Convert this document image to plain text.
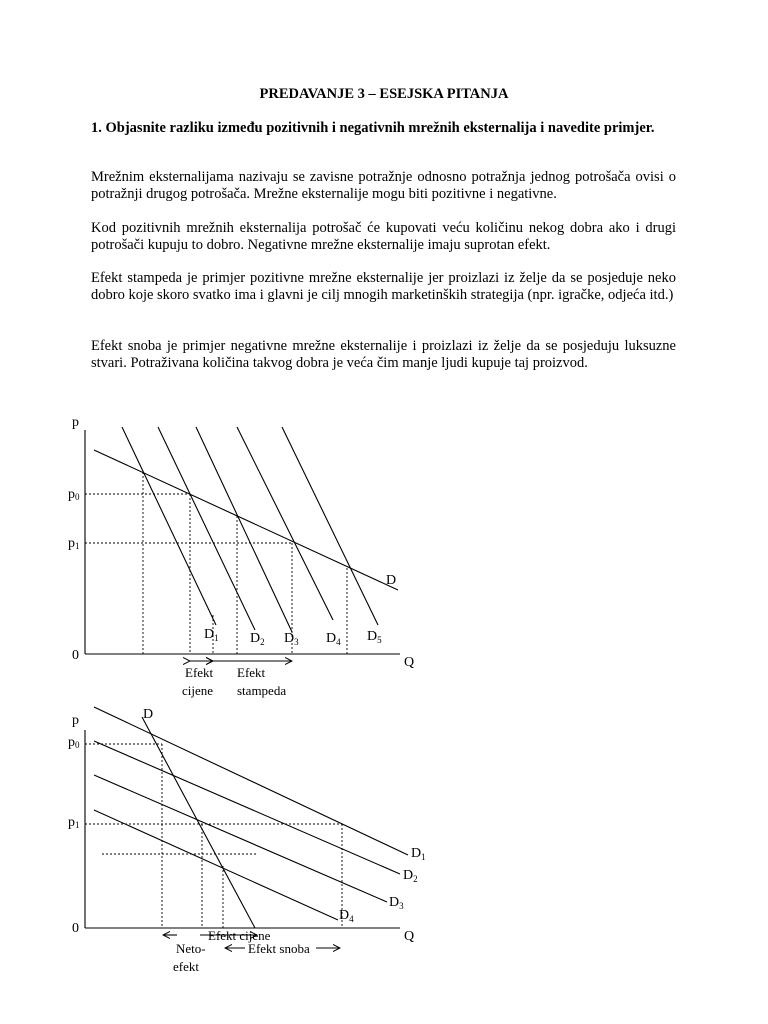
PREDAVANJE 3 – ESEJSKA PITANJA
1. Objasnite razliku između pozitivnih i negativnih mrežnih eksternalija i navedite primjer.
Mrežnim eksternalijama nazivaju se zavisne potražnje odnosno potražnja jednog potrošača ovisi o potražnji drugog potrošača. Mrežne eksternalije mogu biti pozitivne i negativne.
Kod pozitivnih mrežnih eksternalija potrošač će kupovati veću količinu nekog dobra ako i drugi potrošači kupuju to dobro. Negativne mrežne eksternalije imaju suprotan efekt.
Efekt stampeda je primjer pozitivne mrežne eksternalije jer proizlazi iz želje da se posjeduje neko dobro koje skoro svatko ima i glavni je cilj mnogih marketinških strategija (npr. igračke, odjeća itd.)
Efekt snoba je primjer negativne mrežne eksternalije i proizlazi iz želje da se posjeduju luksuzne stvari. Potraživana količina takvog dobra je veća čim manje ljudi kupuje taj proizvod.
p
Q
0
p0
p1
D
$D_1$ $D_2$ $D_3$ $D_4$ $D_5$
Efekt
cijene
Efekt
stampeda
p
Q
0
p0
p1
D
$D_1$
$D_2$
$D_3$
$D_4$
Efekt cijene
Efekt snoba
Neto-
efekt
